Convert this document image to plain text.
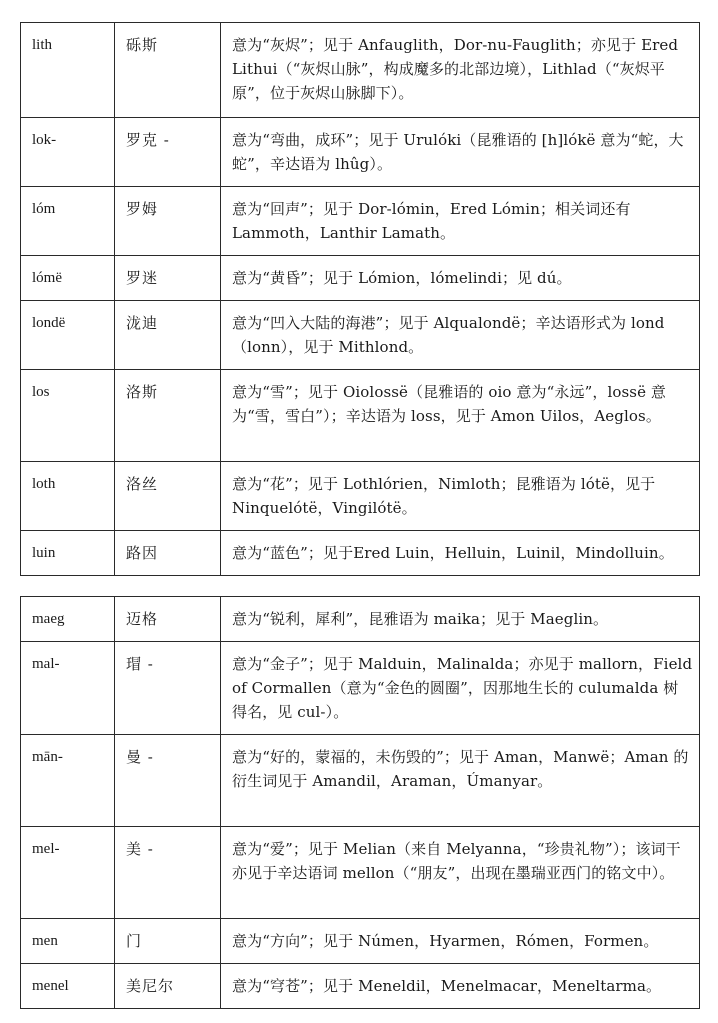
lith	砾斯	意为“灰烬”；见于 Anfauglith，Dor-nu-Fauglith；亦见于 Ered Lithui（“灰烬山脉”，构成魔多的北部边境），Lithlad（“灰烬平原”，位于灰烬山脉脚下）。
lok-	罗克 -	意为“弯曲，成环”；见于 Urulóki（昆雅语的 [h]lókë 意为“蛇，大蛇”，辛达语为 lhûg）。
lóm	罗姆	意为“回声”；见于 Dor-lómin，Ered Lómin；相关词还有 Lammoth，Lanthir Lamath。
lómë	罗迷	意为“黄昏”；见于 Lómion，lómelindi；见 dú。
londë	泷迪	意为“凹入大陆的海港”；见于 Alqualondë；辛达语形式为 lond（lonn），见于 Mithlond。
los	洛斯	意为“雪”；见于 Oiolossë（昆雅语的 oio 意为“永远”，lossë 意为“雪，雪白”）；辛达语为 loss，见于 Amon Uilos，Aeglos。
loth	洛丝	意为“花”；见于 Lothlórien，Nimloth；昆雅语为 lótë，见于 Ninquelótë，Vingilótë。
luin	路因	意为“蓝色”；见于Ered Luin，Helluin，Luinil，Mindolluin。
maeg	迈格	意为“锐利，犀利”，昆雅语为 maika；见于 Maeglin。
mal-	瑁 -	意为“金子”；见于 Malduin，Malinalda；亦见于 mallorn，Field of Cormallen（意为“金色的圆圈”，因那地生长的 culumalda 树得名，见 cul-）。
mān-	曼 -	意为“好的，蒙福的，未伤毁的”；见于 Aman，Manwë；Aman 的衍生词见于 Amandil，Araman，Úmanyar。
mel-	美 -	意为“爱”；见于 Melian（来自 Melyanna，“珍贵礼物”）；该词干亦见于辛达语词 mellon（“朋友”，出现在墨瑞亚西门的铭文中）。
men	门	意为“方向”；见于 Númen，Hyarmen，Rómen，Formen。
menel	美尼尔	意为“穹苍”；见于 Meneldil，Menelmacar，Meneltarma。
